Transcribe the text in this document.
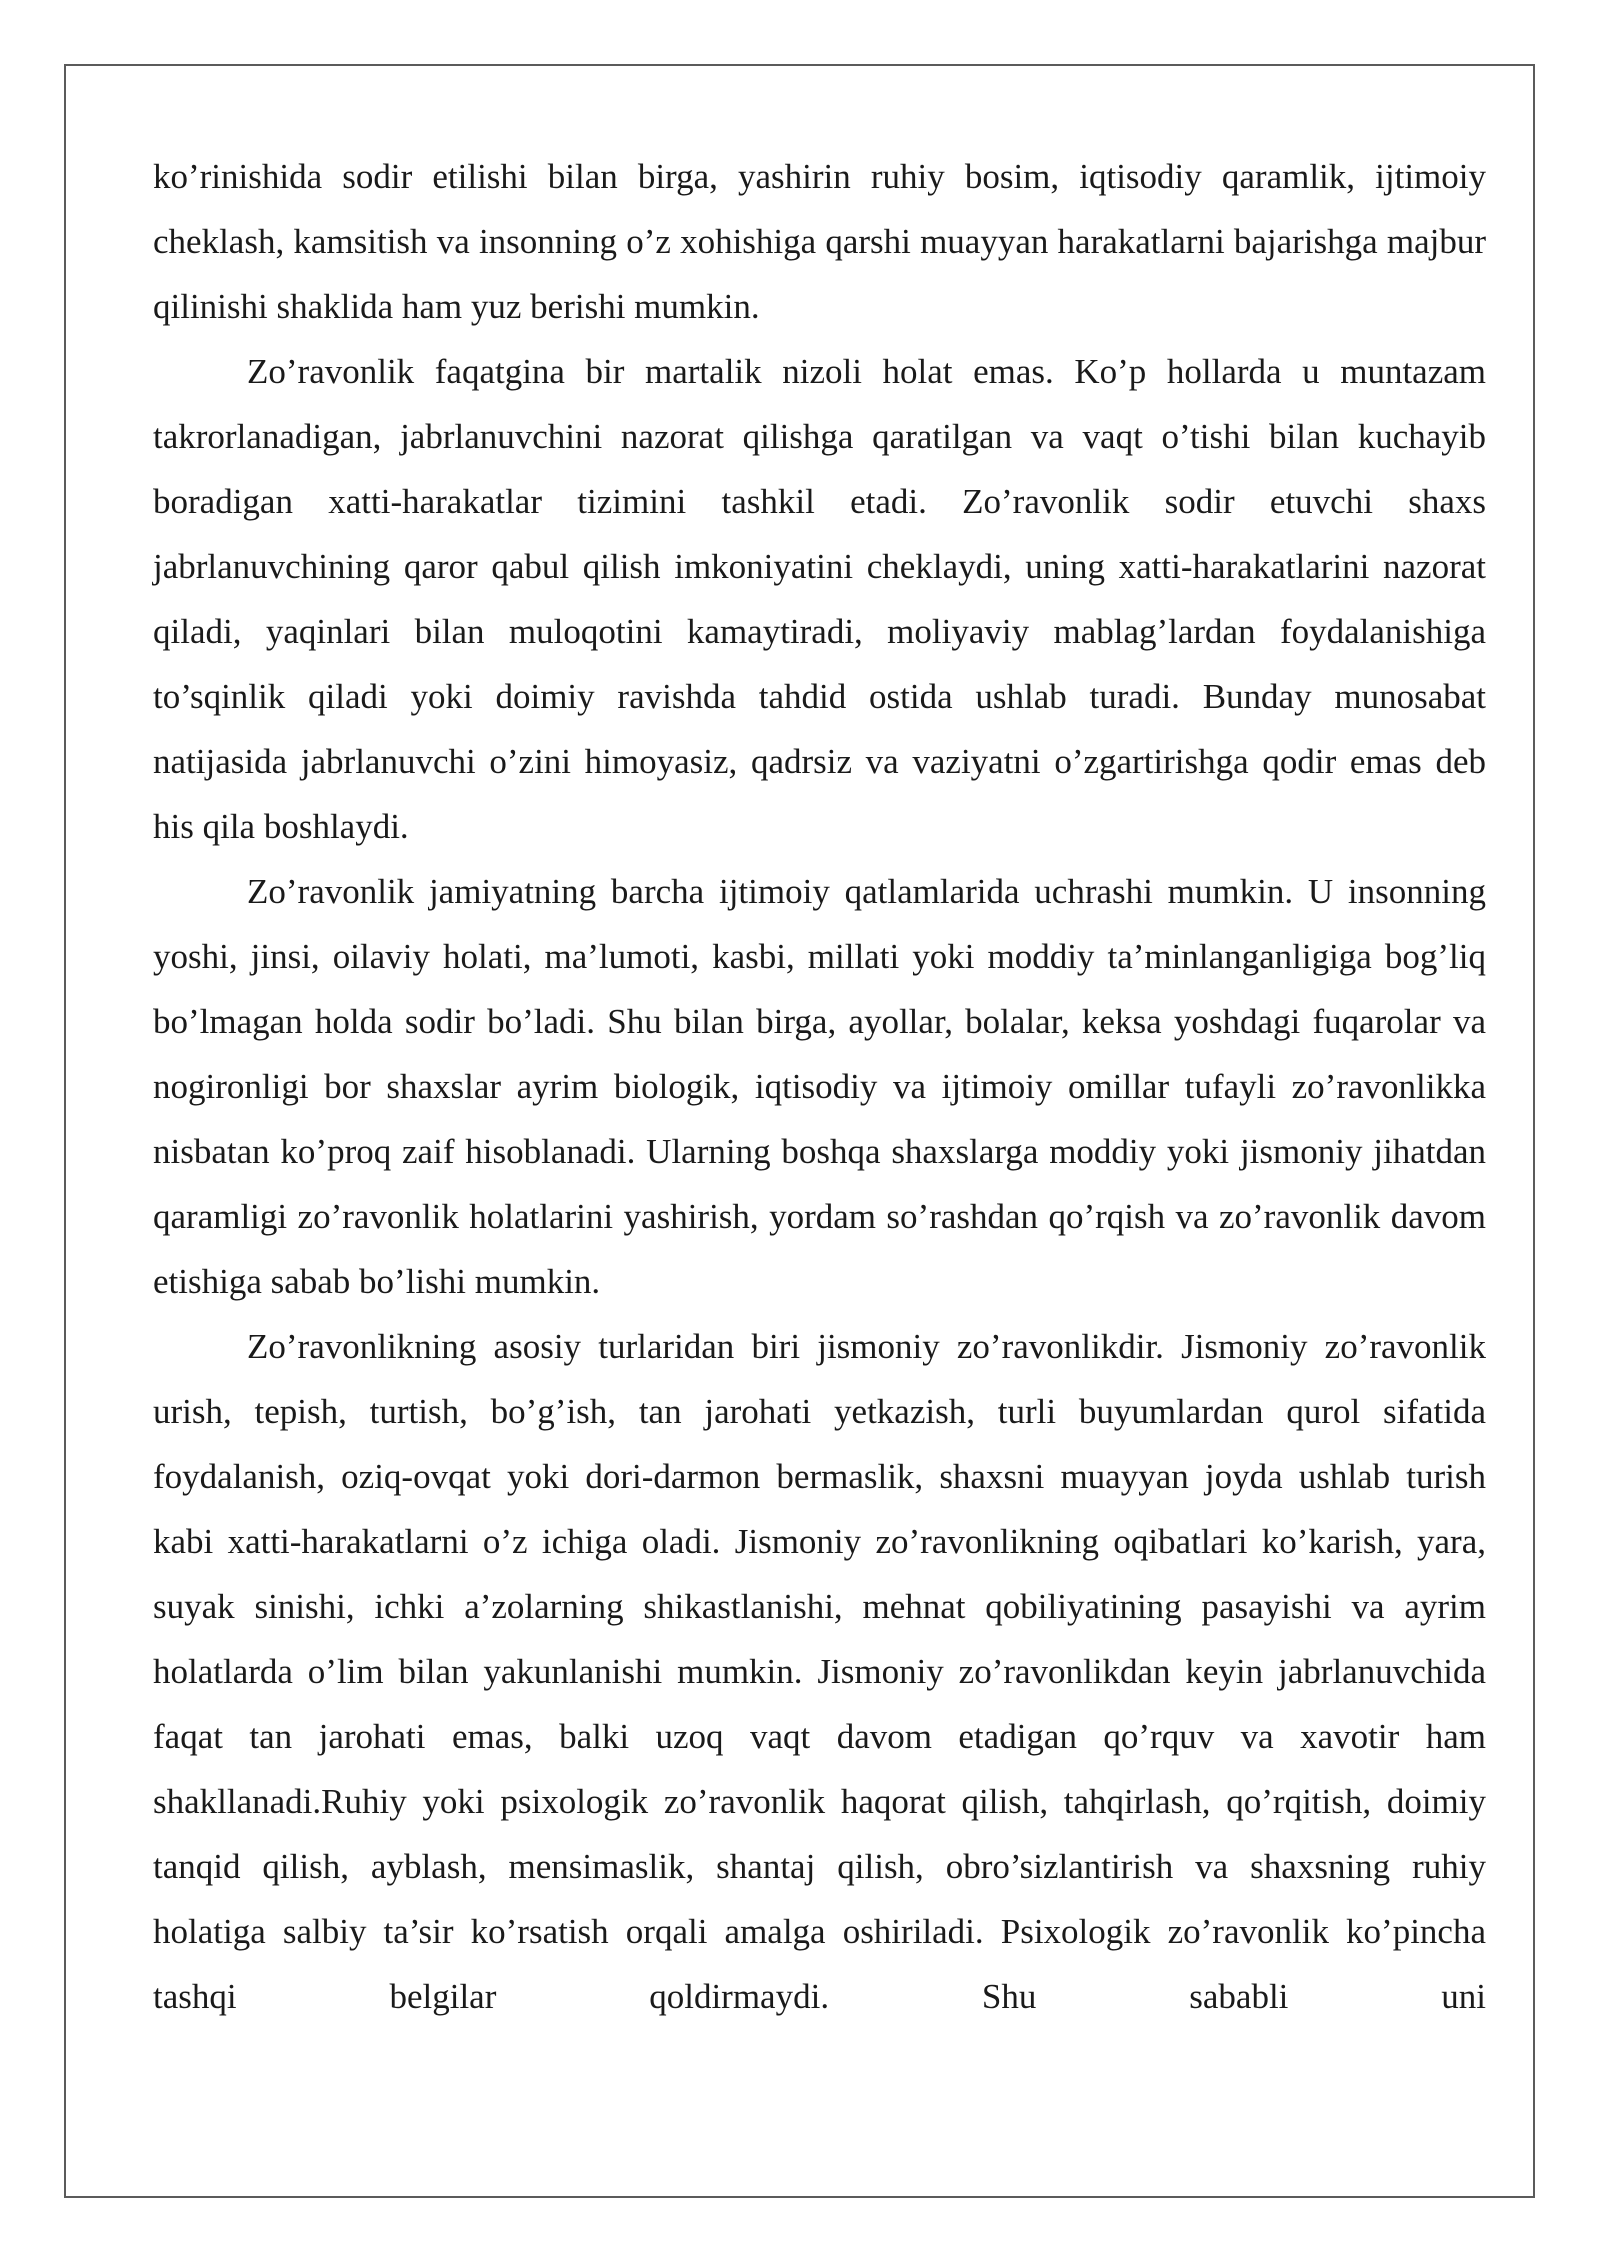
ko’rinishida sodir etilishi bilan birga, yashirin ruhiy bosim, iqtisodiy qaramlik, ijtimoiy cheklash, kamsitish va insonning o’z xohishiga qarshi muayyan harakatlarni bajarishga majbur qilinishi shaklida ham yuz berishi mumkin.

Zo’ravonlik faqatgina bir martalik nizoli holat emas. Ko’p hollarda u muntazam takrorlanadigan, jabrlanuvchini nazorat qilishga qaratilgan va vaqt o’tishi bilan kuchayib boradigan xatti-harakatlar tizimini tashkil etadi. Zo’ravonlik sodir etuvchi shaxs jabrlanuvchining qaror qabul qilish imkoniyatini cheklaydi, uning xatti-harakatlarini nazorat qiladi, yaqinlari bilan muloqotini kamaytiradi, moliyaviy mablag’lardan foydalanishiga to’sqinlik qiladi yoki doimiy ravishda tahdid ostida ushlab turadi. Bunday munosabat natijasida jabrlanuvchi o’zini himoyasiz, qadrsiz va vaziyatni o’zgartirishga qodir emas deb his qila boshlaydi.

Zo’ravonlik jamiyatning barcha ijtimoiy qatlamlarida uchrashi mumkin. U insonning yoshi, jinsi, oilaviy holati, ma’lumoti, kasbi, millati yoki moddiy ta’minlanganligiga bog’liq bo’lmagan holda sodir bo’ladi. Shu bilan birga, ayollar, bolalar, keksa yoshdagi fuqarolar va nogironligi bor shaxslar ayrim biologik, iqtisodiy va ijtimoiy omillar tufayli zo’ravonlikka nisbatan ko’proq zaif hisoblanadi. Ularning boshqa shaxslarga moddiy yoki jismoniy jihatdan qaramligi zo’ravonlik holatlarini yashirish, yordam so’rashdan qo’rqish va zo’ravonlik davom etishiga sabab bo’lishi mumkin.

Zo’ravonlikning asosiy turlaridan biri jismoniy zo’ravonlikdir. Jismoniy zo’ravonlik urish, tepish, turtish, bo’g’ish, tan jarohati yetkazish, turli buyumlardan qurol sifatida foydalanish, oziq-ovqat yoki dori-darmon bermaslik, shaxsni muayyan joyda ushlab turish kabi xatti-harakatlarni o’z ichiga oladi. Jismoniy zo’ravonlikning oqibatlari ko’karish, yara, suyak sinishi, ichki a’zolarning shikastlanishi, mehnat qobiliyatining pasayishi va ayrim holatlarda o’lim bilan yakunlanishi mumkin. Jismoniy zo’ravonlikdan keyin jabrlanuvchida faqat tan jarohati emas, balki uzoq vaqt davom etadigan qo’rquv va xavotir ham shakllanadi.Ruhiy yoki psixologik zo’ravonlik haqorat qilish, tahqirlash, qo’rqitish, doimiy tanqid qilish, ayblash, mensimaslik, shantaj qilish, obro’sizlantirish va shaxsning ruhiy holatiga salbiy ta’sir ko’rsatish orqali amalga oshiriladi. Psixologik zo’ravonlik ko’pincha tashqi belgilar qoldirmaydi. Shu sababli uni
